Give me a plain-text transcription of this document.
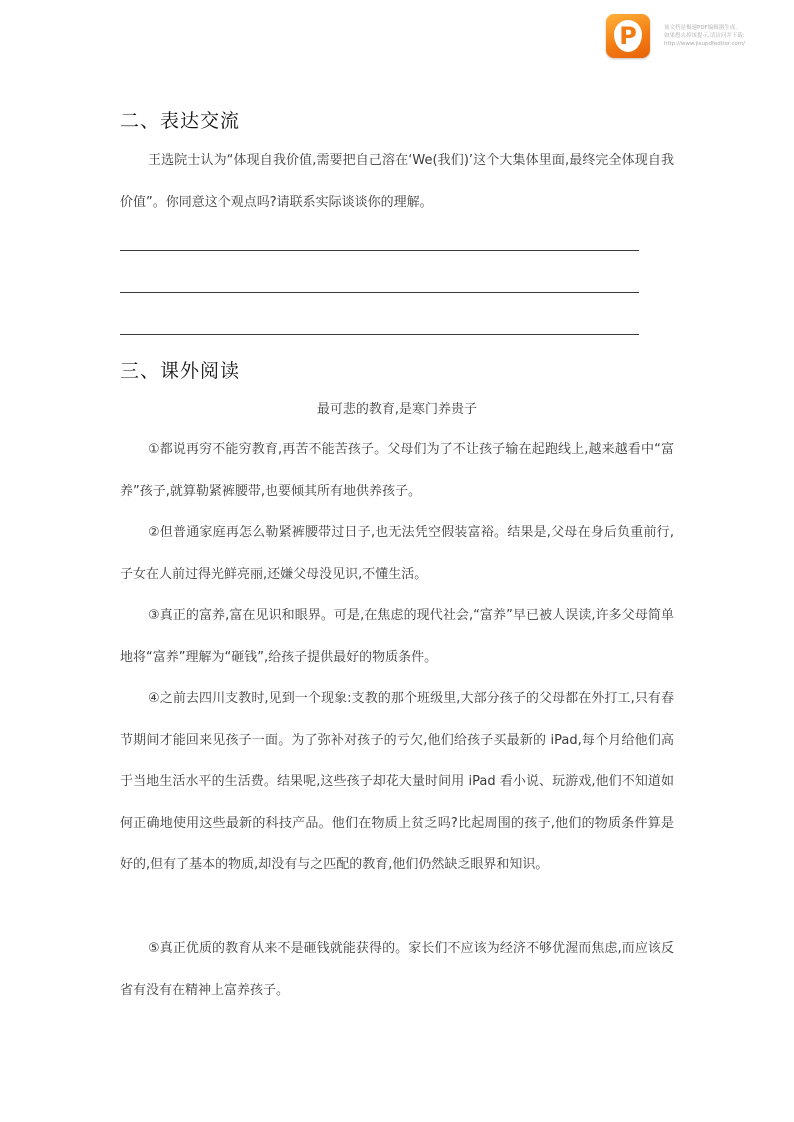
P	该文档是极速PDF编辑器生成,
如果想去掉该提示,请访问并下载:
http://www.jisupdfeditor.com/
二、表达交流
王选院士认为“体现自我价值,需要把自己溶在‘We(我们)’这个大集体里面,最终完全体现自我价值”。你同意这个观点吗?请联系实际谈谈你的理解。
三、课外阅读
最可悲的教育,是寒门养贵子
①都说再穷不能穷教育,再苦不能苦孩子。父母们为了不让孩子输在起跑线上,越来越看中“富养”孩子,就算勒紧裤腰带,也要倾其所有地供养孩子。
②但普通家庭再怎么勒紧裤腰带过日子,也无法凭空假装富裕。结果是,父母在身后负重前行,子女在人前过得光鲜亮丽,还嫌父母没见识,不懂生活。
③真正的富养,富在见识和眼界。可是,在焦虑的现代社会,“富养”早已被人误读,许多父母简单地将“富养”理解为“砸钱”,给孩子提供最好的物质条件。
④之前去四川支教时,见到一个现象:支教的那个班级里,大部分孩子的父母都在外打工,只有春节期间才能回来见孩子一面。为了弥补对孩子的亏欠,他们给孩子买最新的 iPad,每个月给他们高于当地生活水平的生活费。结果呢,这些孩子却花大量时间用 iPad 看小说、玩游戏,他们不知道如何正确地使用这些最新的科技产品。他们在物质上贫乏吗?比起周围的孩子,他们的物质条件算是好的,但有了基本的物质,却没有与之匹配的教育,他们仍然缺乏眼界和知识。
⑤真正优质的教育从来不是砸钱就能获得的。家长们不应该为经济不够优渥而焦虑,而应该反省有没有在精神上富养孩子。
